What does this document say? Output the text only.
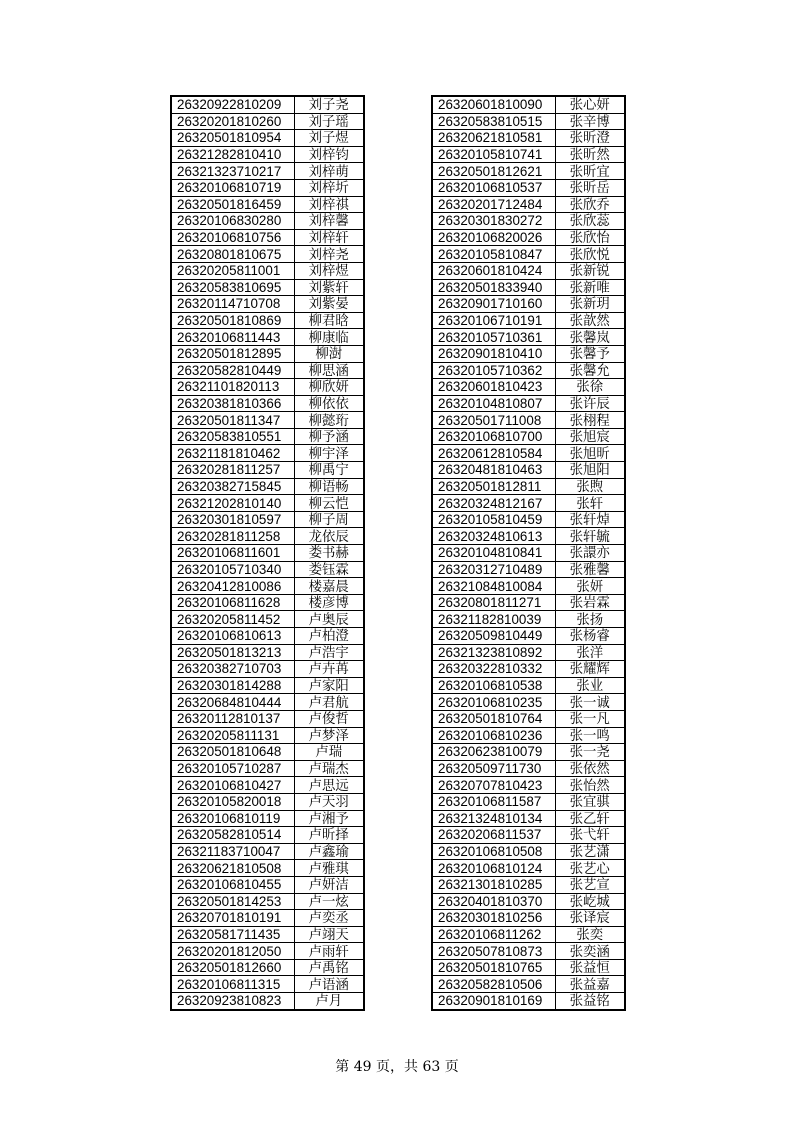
26320922810209	刘子尧
26320201810260	刘子瑶
26320501810954	刘子煜
26321282810410	刘梓钧
26321323710217	刘梓萌
26320106810719	刘梓圻
26320501816459	刘梓祺
26320106830280	刘梓馨
26320106810756	刘梓轩
26320801810675	刘梓尧
26320205811001	刘梓煜
26320583810695	刘紫轩
26320114710708	刘紫晏
26320501810869	柳君晗
26320106811443	柳康临
26320501812895	柳澍
26320582810449	柳思涵
26321101820113	柳欣妍
26320381810366	柳依依
26320501811347	柳懿珩
26320583810551	柳予涵
26321181810462	柳宇泽
26320281811257	柳禹宁
26320382715845	柳语畅
26321202810140	柳云恺
26320301810597	柳子周
26320281811258	龙依辰
26320106811601	娄书赫
26320105710340	娄钰霖
26320412810086	楼嘉晨
26320106811628	楼彦博
26320205811452	卢奥辰
26320106810613	卢柏澄
26320501813213	卢浩宇
26320382710703	卢卉苒
26320301814288	卢家阳
26320684810444	卢君航
26320112810137	卢俊哲
26320205811131	卢梦泽
26320501810648	卢瑞
26320105710287	卢瑞杰
26320106810427	卢思远
26320105820018	卢天羽
26320106810119	卢湘予
26320582810514	卢昕择
26321183710047	卢鑫瑜
26320621810508	卢雅琪
26320106810455	卢妍洁
26320501814253	卢一炫
26320701810191	卢奕丞
26320581711435	卢翊天
26320201812050	卢雨轩
26320501812660	卢禹铭
26320106811315	卢语涵
26320923810823	卢月
26320601810090	张心妍
26320583810515	张辛博
26320621810581	张昕澄
26320105810741	张昕然
26320501812621	张昕宜
26320106810537	张昕岳
26320201712484	张欣乔
26320301830272	张欣蕊
26320106820026	张欣怡
26320105810847	张欣悦
26320601810424	张新锐
26320501833940	张新唯
26320901710160	张新玥
26320106710191	张歆然
26320105710361	张馨岚
26320901810410	张馨予
26320105710362	张馨允
26320601810423	张徐
26320104810807	张许辰
26320501711008	张栩程
26320106810700	张旭宸
26320612810584	张旭昕
26320481810463	张旭阳
26320501812811	张煦
26320324812167	张轩
26320105810459	张轩焯
26320324810613	张轩毓
26320104810841	张譞亦
26320312710489	张雅馨
26321084810084	张妍
26320801811271	张岩霖
26321182810039	张扬
26320509810449	张杨睿
26321323810892	张洋
26320322810332	张耀辉
26320106810538	张业
26320106810235	张一诚
26320501810764	张一凡
26320106810236	张一鸣
26320623810079	张一尧
26320509711730	张依然
26320707810423	张怡然
26320106811587	张宜骐
26321324810134	张乙轩
26320206811537	张弋轩
26320106810508	张艺潇
26320106810124	张艺心
26321301810285	张艺宣
26320401810370	张屹城
26320301810256	张译宸
26320106811262	张奕
26320507810873	张奕涵
26320501810765	张益恒
26320582810506	张益嘉
26320901810169	张益铭
第 49 页，共 63 页
